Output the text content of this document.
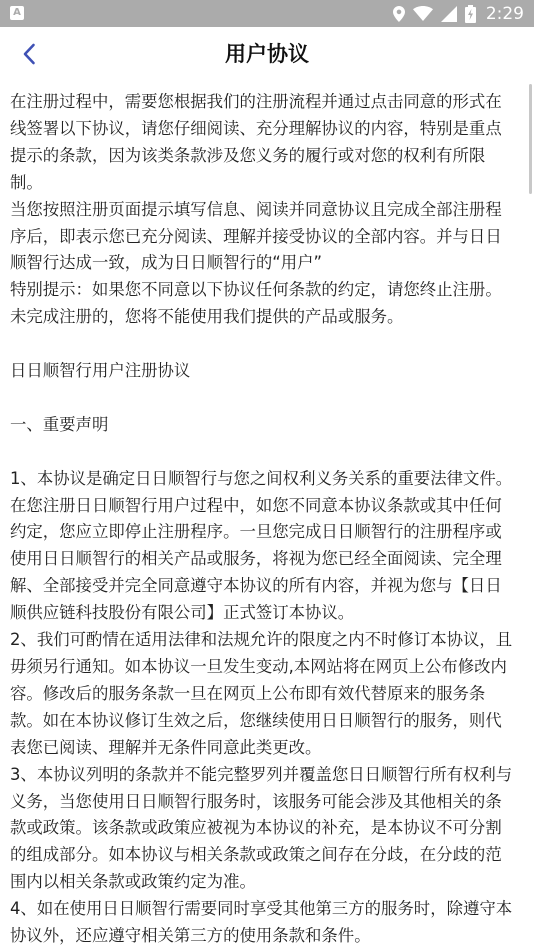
A	2:29
用户协议

在注册过程中，需要您根据我们的注册流程并通过点击同意的形式在线签署以下协议，请您仔细阅读、充分理解协议的内容，特别是重点提示的条款，因为该类条款涉及您义务的履行或对您的权利有所限制。

当您按照注册页面提示填写信息、阅读并同意协议且完成全部注册程序后，即表示您已充分阅读、理解并接受协议的全部内容。并与日日顺智行达成一致，成为日日顺智行的“用户”

特别提示：如果您不同意以下协议任何条款的约定，请您终止注册。未完成注册的，您将不能使用我们提供的产品或服务。

日日顺智行用户注册协议

一、重要声明

1、本协议是确定日日顺智行与您之间权利义务关系的重要法律文件。在您注册日日顺智行用户过程中，如您不同意本协议条款或其中任何约定，您应立即停止注册程序。一旦您完成日日顺智行的注册程序或使用日日顺智行的相关产品或服务，将视为您已经全面阅读、完全理解、全部接受并完全同意遵守本协议的所有内容，并视为您与【日日顺供应链科技股份有限公司】正式签订本协议。

2、我们可酌情在适用法律和法规允许的限度之内不时修订本协议，且毋须另行通知。如本协议一旦发生变动,本网站将在网页上公布修改内容。修改后的服务条款一旦在网页上公布即有效代替原来的服务条款。如在本协议修订生效之后，您继续使用日日顺智行的服务，则代表您已阅读、理解并无条件同意此类更改。

3、本协议列明的条款并不能完整罗列并覆盖您日日顺智行所有权利与义务，当您使用日日顺智行服务时，该服务可能会涉及其他相关的条款或政策。该条款或政策应被视为本协议的补充，是本协议不可分割的组成部分。如本协议与相关条款或政策之间存在分歧，在分歧的范围内以相关条款或政策约定为准。

4、如在使用日日顺智行需要同时享受其他第三方的服务时，除遵守本协议外，还应遵守相关第三方的使用条款和条件。
